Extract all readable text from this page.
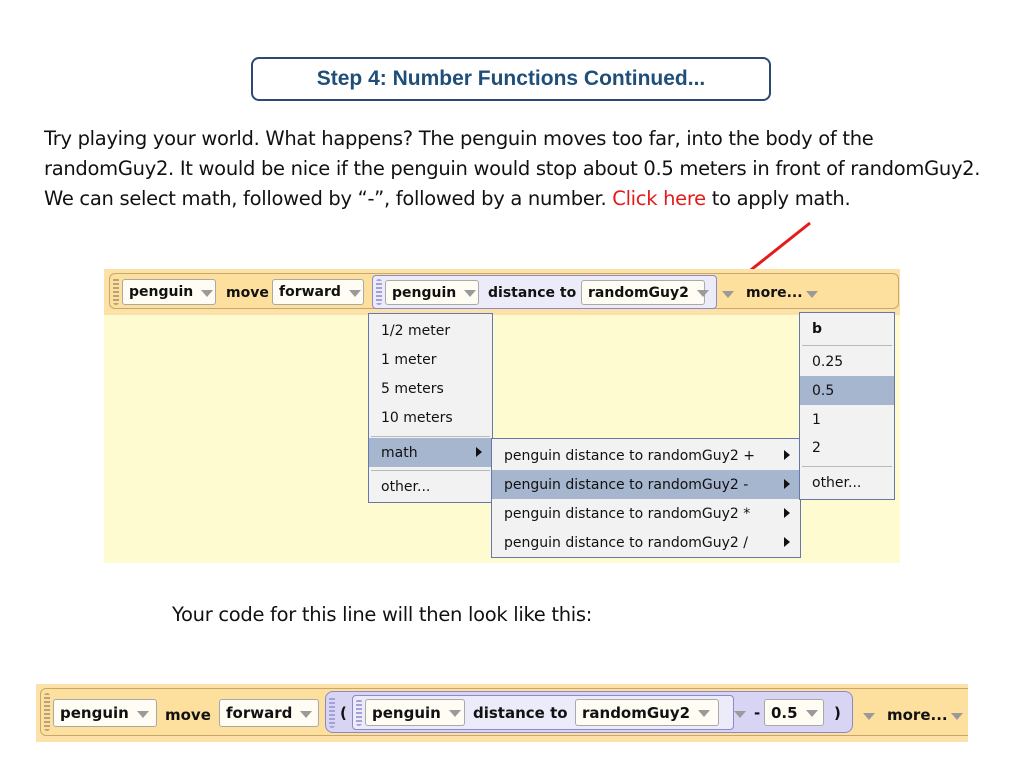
Step 4: Number Functions Continued...
Try playing your world. What happens? The penguin moves too far, into the body of the randomGuy2. It would be nice if the penguin would stop about 0.5 meters in front of randomGuy2. We can select math, followed by “-”, followed by a number. Click here to apply math.
penguin move forward	penguin distance to randomGuy2	more...
1/2 meter
1 meter
5 meters
10 meters
math
other...
penguin distance to randomGuy2 +
penguin distance to randomGuy2 -
penguin distance to randomGuy2 *
penguin distance to randomGuy2 /
b
0.25
0.5
1
2
other...
Your code for this line will then look like this:
penguin move forward	( penguin distance to randomGuy2	- 0.5 )	more...
